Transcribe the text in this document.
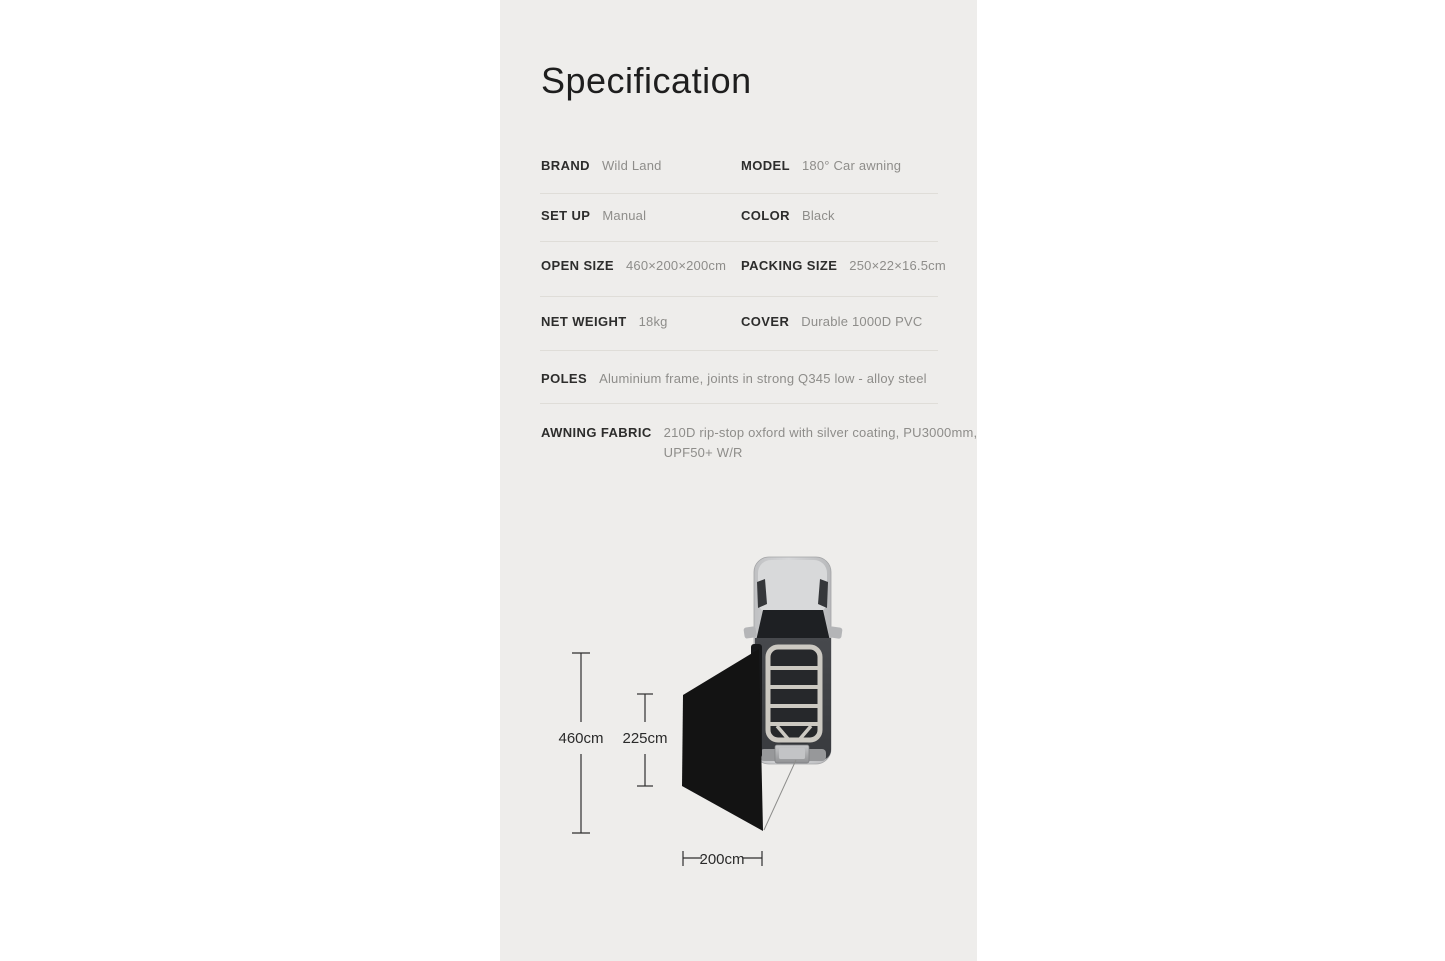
Specification
BRAND Wild Land	MODEL 180° Car awning
SET UP Manual	COLOR Black
OPEN SIZE 460×200×200cm PACKING SIZE 250×22×16.5cm
NET WEIGHT 18kg	COVER Durable 1000D PVC
POLES Aluminium frame, joints in strong Q345 low - alloy steel
AWNING FABRIC 210D rip-stop oxford with silver coating, PU3000mm,
UPF50+ W/R
460cm 225cm
200cm
